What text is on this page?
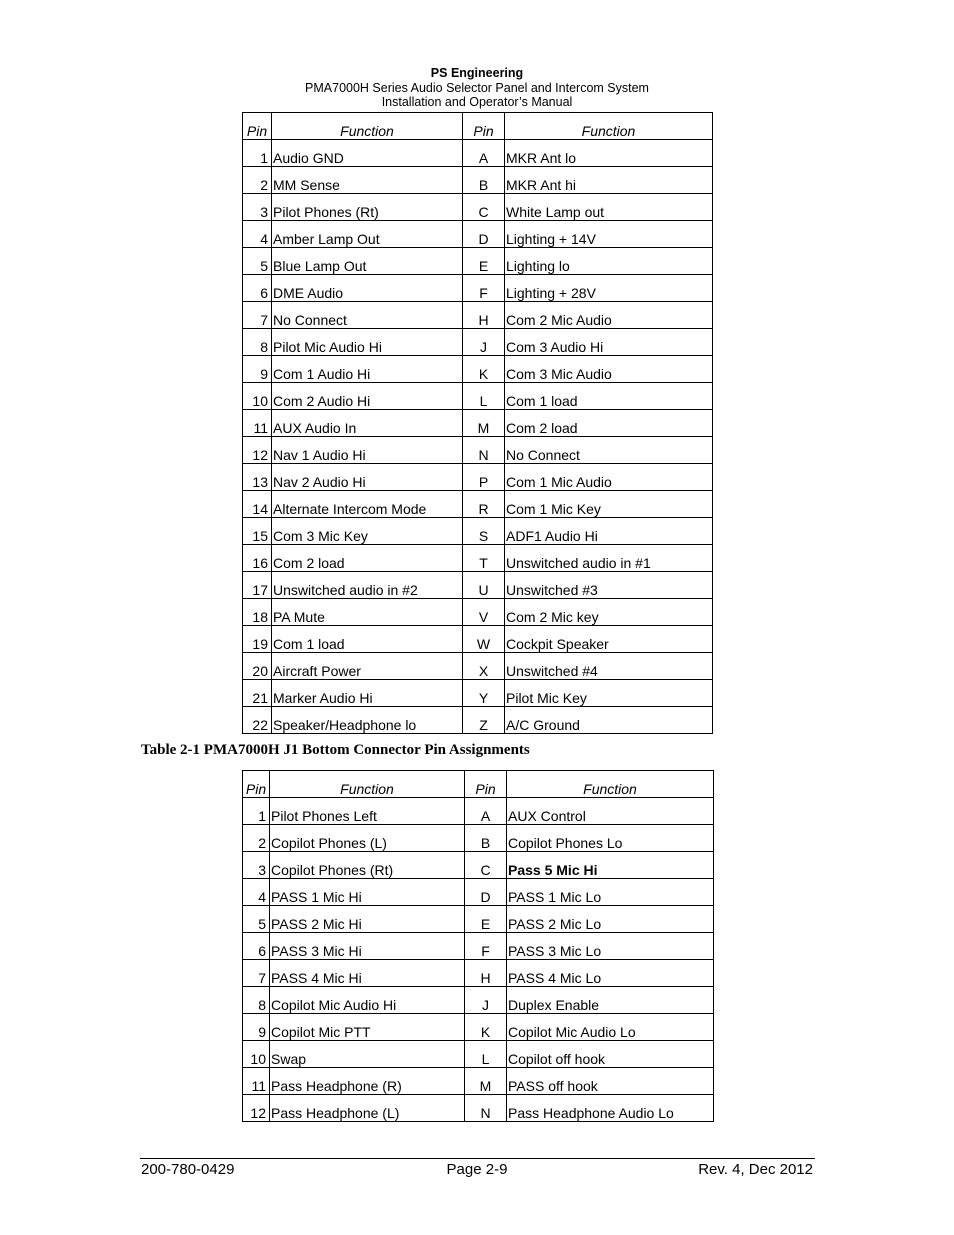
PS Engineering
PMA7000H Series Audio Selector Panel and Intercom System
Installation and Operator’s Manual
Pin	Function	Pin	Function
1	Audio GND	A	MKR Ant lo
2	MM Sense	B	MKR Ant hi
3	Pilot Phones (Rt)	C	White Lamp out
4	Amber Lamp Out	D	Lighting + 14V
5	Blue Lamp Out	E	Lighting lo
6	DME Audio	F	Lighting + 28V
7	No Connect	H	Com 2 Mic Audio
8	Pilot Mic Audio Hi	J	Com 3 Audio Hi
9	Com 1 Audio Hi	K	Com 3 Mic Audio
10	Com 2 Audio Hi	L	Com 1 load
11	AUX Audio In	M	Com 2 load
12	Nav 1 Audio Hi	N	No Connect
13	Nav 2 Audio Hi	P	Com 1 Mic Audio
14	Alternate Intercom Mode	R	Com 1 Mic Key
15	Com 3 Mic Key	S	ADF1 Audio Hi
16	Com 2 load	T	Unswitched audio in #1
17	Unswitched audio in #2	U	Unswitched #3
18	PA Mute	V	Com 2 Mic key
19	Com 1 load	W	Cockpit Speaker
20	Aircraft Power	X	Unswitched #4
21	Marker Audio Hi	Y	Pilot Mic Key
22	Speaker/Headphone lo	Z	A/C Ground
Table 2-1 PMA7000H J1 Bottom Connector Pin Assignments
Pin	Function	Pin	Function
1	Pilot Phones Left	A	AUX Control
2	Copilot Phones (L)	B	Copilot Phones Lo
3	Copilot Phones (Rt)	C	Pass 5 Mic Hi
4	PASS 1 Mic Hi	D	PASS 1 Mic Lo
5	PASS 2 Mic Hi	E	PASS 2 Mic Lo
6	PASS 3 Mic Hi	F	PASS 3 Mic Lo
7	PASS 4 Mic Hi	H	PASS 4 Mic Lo
8	Copilot Mic Audio Hi	J	Duplex Enable
9	Copilot Mic PTT	K	Copilot Mic Audio Lo
10	Swap	L	Copilot off hook
11	Pass Headphone (R)	M	PASS off hook
12	Pass Headphone (L)	N	Pass Headphone Audio Lo
200-780-0429	Page 2-9	Rev. 4, Dec 2012
